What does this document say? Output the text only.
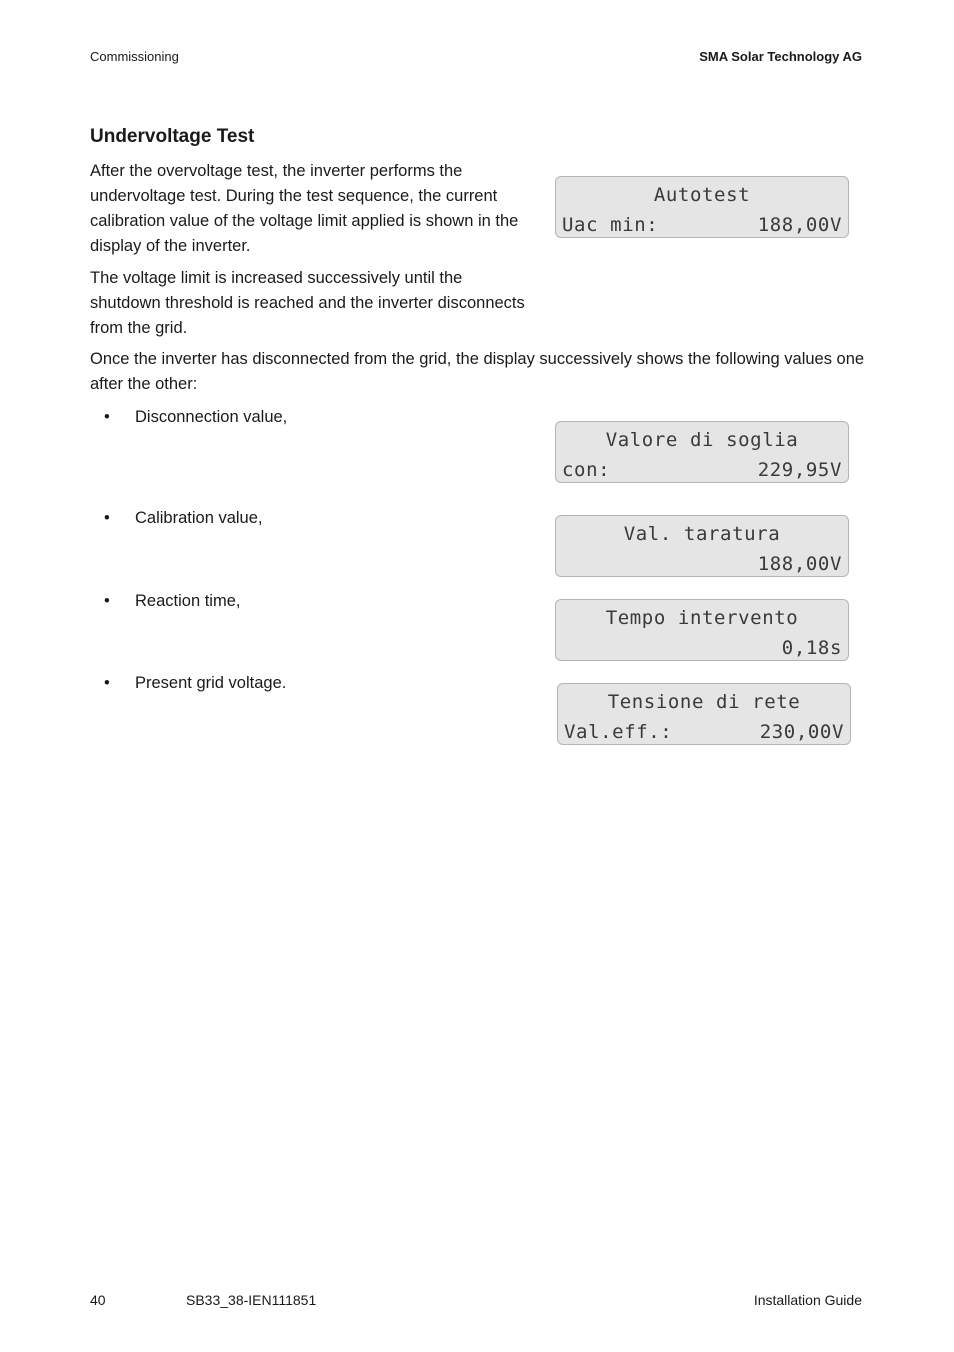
Commissioning	SMA Solar Technology AG
Undervoltage Test

After the overvoltage test, the inverter performs the undervoltage test. During the test sequence, the current calibration value of the voltage limit applied is shown in the display of the inverter.

The voltage limit is increased successively until the shutdown threshold is reached and the inverter disconnects from the grid.

Once the inverter has disconnected from the grid, the display successively shows the following values one after the other:

• Disconnection value,
• Calibration value,
• Reaction time,
• Present grid voltage.
Autotest

Uac min:

	188,00V

Valore di soglia

con:

	229,95V

Val. taratura

188,00V

Tempo intervento

0,18s

Tensione di rete

Val.eff.:

	230,00V

40	SB33_38-IEN111851	Installation Guide
